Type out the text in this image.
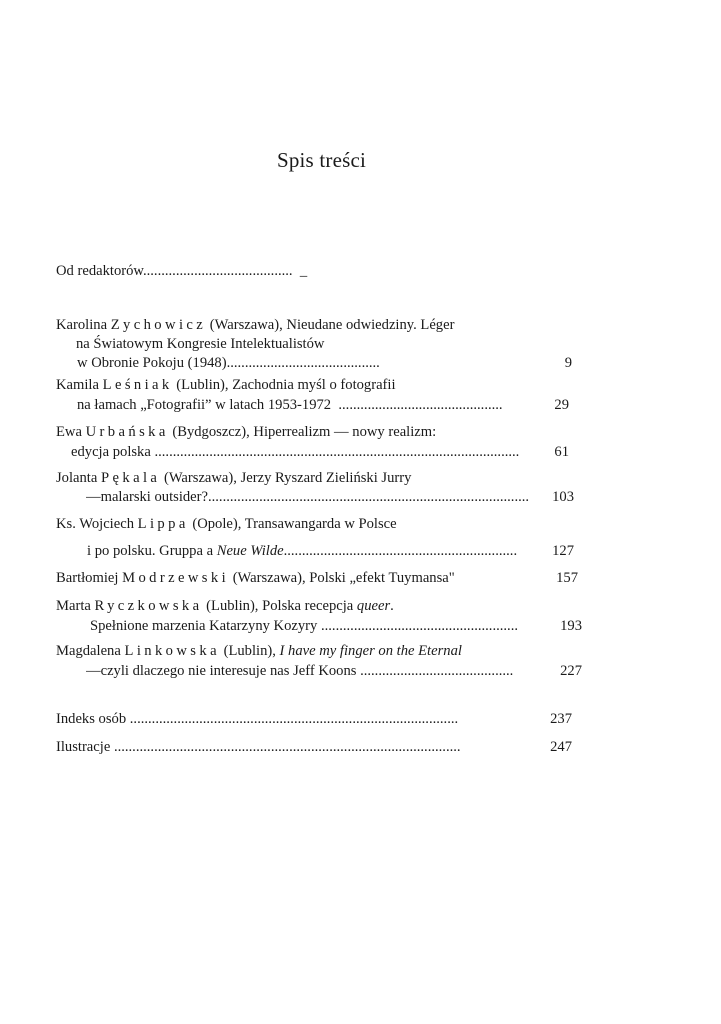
Spis treści
Od redaktorów.........................................  _
Karolina Zychowicz (Warszawa), Nieudane odwiedziny. Léger
na Światowym Kongresie Intelektualistów
w Obronie Pokoju (1948)..........................................	9
Kamila Leśniak (Lublin), Zachodnia myśl o fotografii
na łamach „Fotografii” w latach 1953-1972  .............................................	29
Ewa Urbańska (Bydgoszcz), Hiperrealizm — nowy realizm:
edycja polska ....................................................................................................	61
Jolanta Pękala (Warszawa), Jerzy Ryszard Zieliński Jurry
—malarski outsider?........................................................................................	103
Ks. Wojciech Lippa (Opole), Transawangarda w Polsce
i po polsku. Gruppa a Neue Wilde................................................................	127
Bartłomiej Modrzewski (Warszawa), Polski „efekt Tuymansa"	157
Marta Ryczkowska (Lublin), Polska recepcja queer.
Spełnione marzenia Katarzyny Kozyry ......................................................	193
Magdalena Linkowska (Lublin), I have my finger on the Eternal
—czyli dlaczego nie interesuje nas Jeff Koons ..........................................	227
Indeks osób ..........................................................................................	237
Ilustracje ...............................................................................................	247
